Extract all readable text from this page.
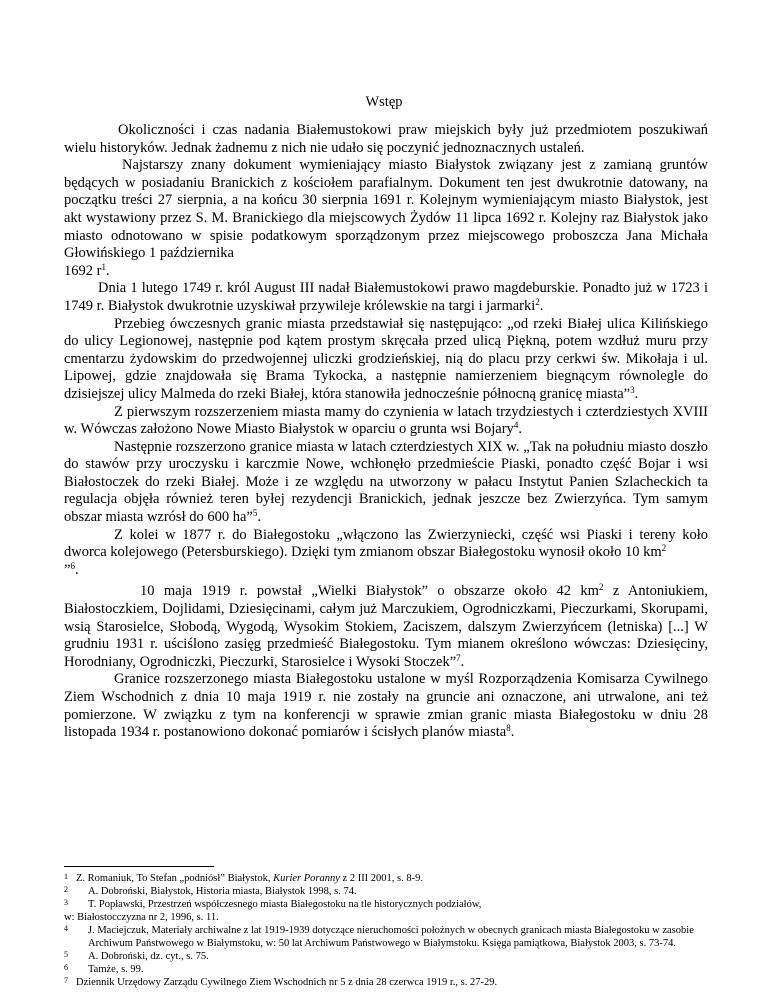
Wstęp

Okoliczności i czas nadania Białemustokowi praw miejskich były już przedmiotem poszukiwań wielu historyków. Jednak żadnemu z nich nie udało się poczynić jednoznacznych ustaleń.

Najstarszy znany dokument wymieniający miasto Białystok związany jest z zamianą gruntów będących w posiadaniu Branickich z kościołem parafialnym. Dokument ten jest dwukrotnie datowany, na początku treści 27 sierpnia, a na końcu 30 sierpnia 1691 r. Kolejnym wymieniającym miasto Białystok, jest akt wystawiony przez S. M. Branickiego dla miejscowych Żydów 11 lipca 1692 r. Kolejny raz Białystok jako miasto odnotowano w spisie podatkowym sporządzonym przez miejscowego proboszcza Jana Michała Głowińskiego 1 października
1692 $r^1$.

Dnia 1 lutego 1749 r. król August III nadał Białemustokowi prawo magdeburskie. Ponadto już w 1723 i 1749 r. Białystok dwukrotnie uzyskiwał przywileje królewskie na targi i jarmarki$^2$.

Przebieg ówczesnych granic miasta przedstawiał się następująco: „od rzeki Białej ulica Kilińskiego do ulicy Legionowej, następnie pod kątem prostym skręcała przed ulicą Piękną, potem wzdłuż muru przy cmentarzu żydowskim do przedwojennej uliczki grodzieńskiej, nią do placu przy cerkwi św. Mikołaja i ul. Lipowej, gdzie znajdowała się Brama Tykocka, a następnie namierzeniem biegnącym równolegle do dzisiejszej ulicy Malmeda do rzeki Białej, która stanowiła jednocześnie północną granicę miasta”$^3$.

Z pierwszym rozszerzeniem miasta mamy do czynienia w latach trzydziestych i czterdziestych XVIII w. Wówczas założono Nowe Miasto Białystok w oparciu o grunta wsi Bojary$^4$.

Następnie rozszerzono granice miasta w latach czterdziestych XIX w. „Tak na południu miasto doszło do stawów przy uroczysku i karczmie Nowe, wchłonęło przedmieście Piaski, ponadto część Bojar i wsi Białostoczek do rzeki Białej. Może i ze względu na utworzony w pałacu Instytut Panien Szlacheckich ta regulacja objęła również teren byłej rezydencji Branickich, jednak jeszcze bez Zwierzyńca. Tym samym obszar miasta wzrósł do 600 ha”$^5$.

Z kolei w 1877 r. do Białegostoku „włączono las Zwierzyniecki, część wsi Piaski i tereny koło dworca kolejowego (Petersburskiego). Dzięki tym zmianom obszar Białegostoku wynosił około 10 $km^2$
”$^6$.

10 maja 1919 r. powstał „Wielki Białystok” o obszarze około 42 $km^2$ z Antoniukiem, Białostoczkiem, Dojlidami, Dziesięcinami, całym już Marczukiem, Ogrodniczkami, Pieczurkami, Skorupami, wsią Starosielce, Słobodą, Wygodą, Wysokim Stokiem, Zaciszem, dalszym Zwierzyńcem (letniska) [...] W grudniu 1931 r. uściślono zasięg przedmieść Białegostoku. Tym mianem określono wówczas: Dziesięciny, Horodniany, Ogrodniczki, Pieczurki, Starosielce i Wysoki Stoczek”$^7$.

Granice rozszerzonego miasta Białegostoku ustalone w myśl Rozporządzenia Komisarza Cywilnego Ziem Wschodnich z dnia 10 maja 1919 r. nie zostały na gruncie ani oznaczone, ani utrwalone, ani też pomierzone. W związku z tym na konferencji w sprawie zmian granic miasta Białegostoku w dniu 28 listopada 1934 r. postanowiono dokonać pomiarów i ścisłych planów miasta$^8$.

1 Z. Romaniuk, To Stefan „podniósł” Białystok, Kurier Poranny z 2 III 2001, s. 8-9.
2 A. Dobroński, Białystok, Historia miasta, Białystok 1998, s. 74.
3 T. Popławski, Przestrzeń współczesnego miasta Białegostoku na tle historycznych podziałów,
w: Białostocczyzna nr 2, 1996, s. 11.
4	J. Maciejczuk, Materiały archiwalne z lat 1919-1939 dotyczące nieruchomości położnych w obecnych granicach miasta Białegostoku w zasobie Archiwum Państwowego w Białymstoku, w: 50 lat Archiwum Państwowego w Białymstoku. Księga pamiątkowa, Białystok 2003, s. 73-74.
5 A. Dobroński, dz. cyt., s. 75.
6 Tamże, s. 99.
7 Dziennik Urzędowy Zarządu Cywilnego Ziem Wschodnich nr 5 z dnia 28 czerwca 1919 r., s. 27-29.
